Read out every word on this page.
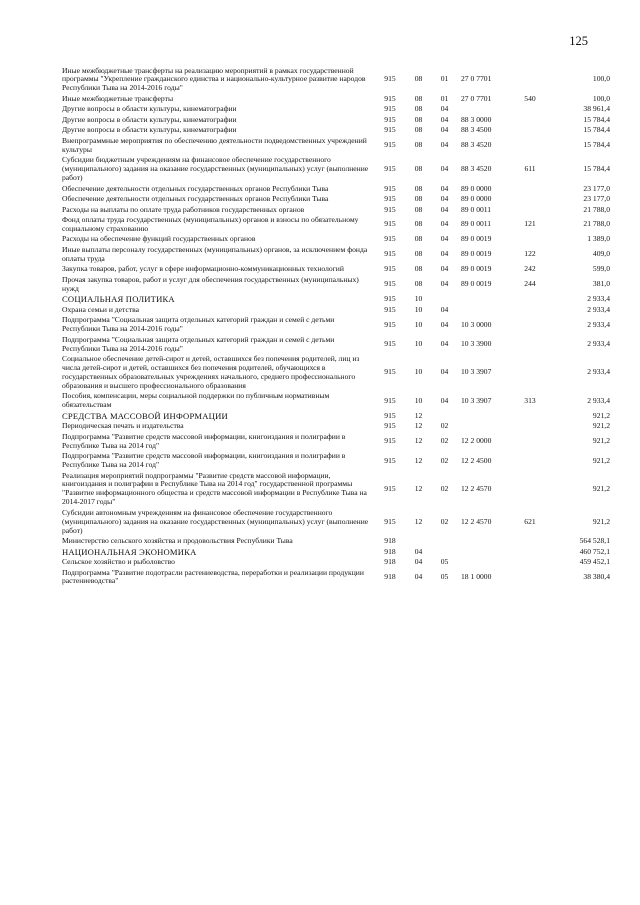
125
Иные межбюджетные трансферты на реализацию мероприятий в рамках государственной программы "Укрепление гражданского единства и национально-культурное развитие народов Республики Тыва на 2014-2016 годы"	915	08	01	27 0 7701		100,0
Иные межбюджетные трансферты	915	08	01	27 0 7701	540	100,0
Другие вопросы в области культуры, кинематографии	915	08	04			38 961,4
Другие вопросы в области культуры, кинематографии	915	08	04	88 3 0000		15 784,4
Другие вопросы в области культуры, кинематографии	915	08	04	88 3 4500		15 784,4
Внепрограммные мероприятия по обеспечению деятельности подведомственных учреждений культуры	915	08	04	88 3 4520		15 784,4
Субсидии бюджетным учреждениям на финансовое обеспечение государственного (муниципального) задания на оказание государственных (муниципальных) услуг (выполнение работ)	915	08	04	88 3 4520	611	15 784,4
Обеспечение деятельности отдельных государственных органов Республики Тыва	915	08	04	89 0 0000		23 177,0
Обеспечение деятельности отдельных государственных органов Республики Тыва	915	08	04	89 0 0000		23 177,0
Расходы на выплаты по оплате труда работников государственных органов	915	08	04	89 0 0011		21 788,0
Фонд оплаты труда государственных (муниципальных) органов и взносы по обязательному социальному страхованию	915	08	04	89 0 0011	121	21 788,0
Расходы на обеспечение функций государственных органов	915	08	04	89 0 0019		1 389,0
Иные выплаты персоналу государственных (муниципальных) органов, за исключением фонда оплаты труда	915	08	04	89 0 0019	122	409,0
Закупка товаров, работ, услуг в сфере информационно-коммуникационных технологий	915	08	04	89 0 0019	242	599,0
Прочая закупка товаров, работ и услуг для обеспечения государственных (муниципальных) нужд	915	08	04	89 0 0019	244	381,0
СОЦИАЛЬНАЯ ПОЛИТИКА	915	10				2 933,4
Охрана семьи и детства	915	10	04			2 933,4
Подпрограмма "Социальная защита отдельных категорий граждан и семей с детьми Республики Тыва на 2014-2016 годы"	915	10	04	10 3 0000		2 933,4
Подпрограмма "Социальная защита отдельных категорий граждан и семей с детьми Республики Тыва на 2014-2016 годы"	915	10	04	10 3 3900		2 933,4
Социальное обеспечение детей-сирот и детей, оставшихся без попечения родителей, лиц из числа детей-сирот и детей, оставшихся без попечения родителей, обучающихся в государственных образовательных учреждениях начального, среднего профессионального образования и высшего профессионального образования	915	10	04	10 3 3907		2 933,4
Пособия, компенсации, меры социальной поддержки по публичным нормативным обязательствам	915	10	04	10 3 3907	313	2 933,4
СРЕДСТВА МАССОВОЙ ИНФОРМАЦИИ	915	12				921,2
Периодическая печать и издательства	915	12	02			921,2
Подпрограмма "Развитие средств массовой информации, книгоиздания и полиграфии в Республике Тыва на 2014 год"	915	12	02	12 2 0000		921,2
Подпрограмма "Развитие средств массовой информации, книгоиздания и полиграфии в Республике Тыва на 2014 год"	915	12	02	12 2 4500		921,2
Реализация мероприятий подпрограммы "Развитие средств массовой информации, книгоиздания и полиграфии в Республике Тыва на 2014 год" государственной программы "Развитие информационного общества и средств массовой информации в Республике Тыва на 2014-2017 годы"	915	12	02	12 2 4570		921,2
Субсидии автономным учреждениям на финансовое обеспечение государственного (муниципального) задания на оказание государственных (муниципальных) услуг (выполнение работ)	915	12	02	12 2 4570	621	921,2
Министерство сельского хозяйства и продовольствия Республики Тыва	918					564 528,1
НАЦИОНАЛЬНАЯ ЭКОНОМИКА	918	04				460 752,1
Сельское хозяйство и рыболовство	918	04	05			459 452,1
Подпрограмма "Развитие подотрасли растениеводства, переработки и реализации продукции растениеводства"	918	04	05	18 1 0000		38 380,4
